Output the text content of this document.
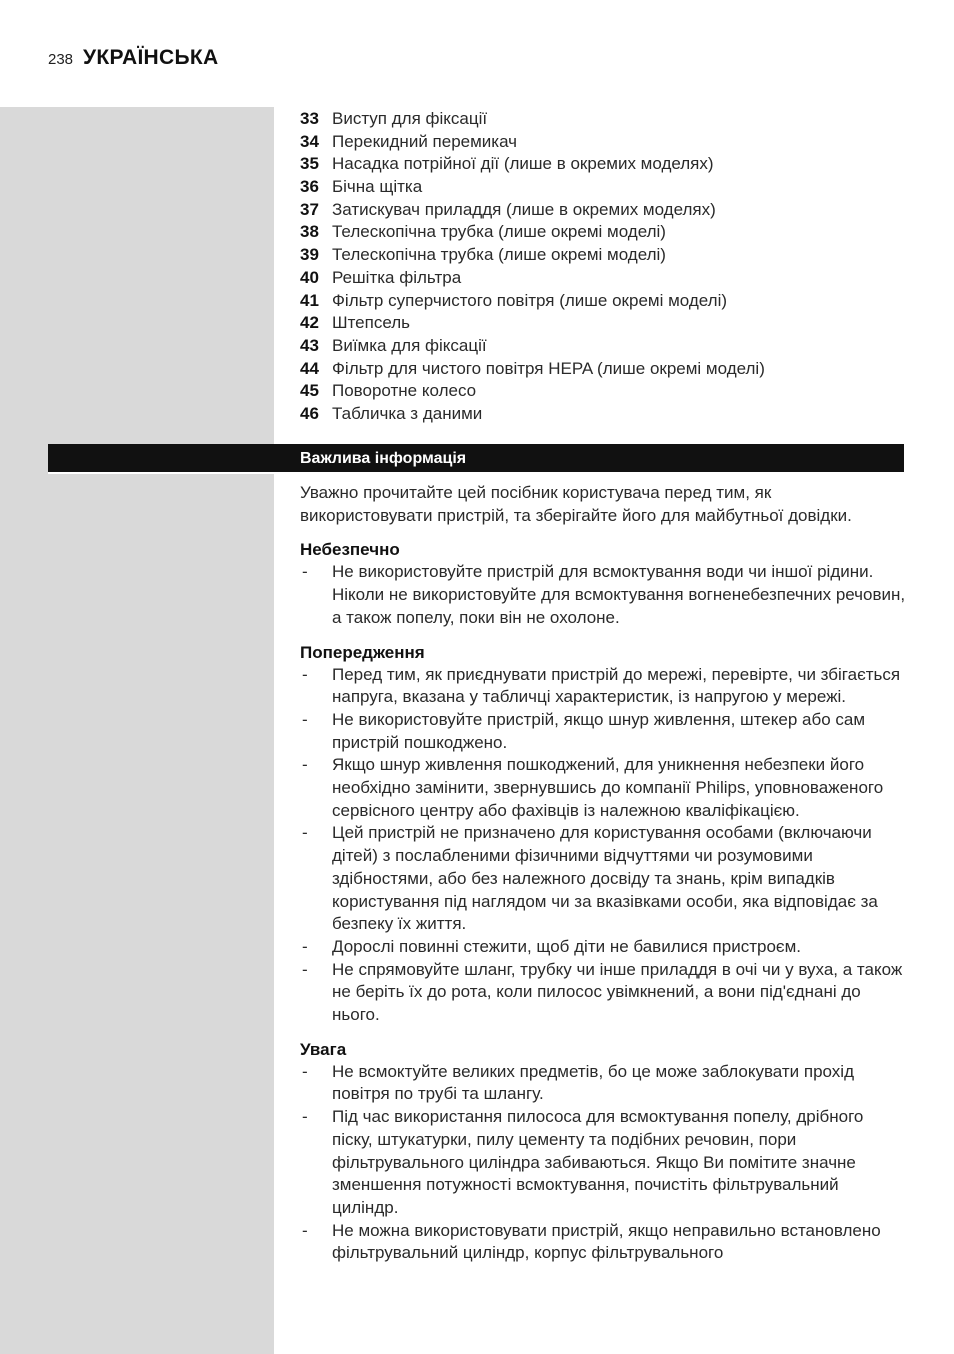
238 УКРАЇНСЬКА
33 Виступ для фіксації
34 Перекидний перемикач
35 Насадка потрійної дії (лише в окремих моделях)
36 Бічна щітка
37 Затискувач приладдя (лише в окремих моделях)
38 Телескопічна трубка (лише окремі моделі)
39 Телескопічна трубка (лише окремі моделі)
40 Решітка фільтра
41 Фільтр суперчистого повітря (лише окремі моделі)
42 Штепсель
43 Виїмка для фіксації
44 Фільтр для чистого повітря HEPA (лише окремі моделі)
45 Поворотне колесо
46 Табличка з даними
Важлива інформація

Уважно прочитайте цей посібник користувача перед тим, як використовувати пристрій, та зберігайте його для майбутньої довідки.

Небезпечно

- Не використовуйте пристрій для всмоктування води чи іншої рідини. Ніколи не використовуйте для всмоктування вогненебезпечних речовин, а також попелу, поки він не охолоне.

Попередження

- Перед тим, як приєднувати пристрій до мережі, перевірте, чи збігається напруга, вказана у табличці характеристик, із напругою у мережі.
- Не використовуйте пристрій, якщо шнур живлення, штекер або сам пристрій пошкоджено.
- Якщо шнур живлення пошкоджений, для уникнення небезпеки його необхідно замінити, звернувшись до компанії Philips, уповноваженого сервісного центру або фахівців із належною кваліфікацією.
- Цей пристрій не призначено для користування особами (включаючи дітей) з послабленими фізичними відчуттями чи розумовими здібностями, або без належного досвіду та знань, крім випадків користування під наглядом чи за вказівками особи, яка відповідає за безпеку їх життя.
- Дорослі повинні стежити, щоб діти не бавилися пристроєм.
- Не спрямовуйте шланг, трубку чи інше приладдя в очі чи у вуха, а також не беріть їх до рота, коли пилосос увімкнений, а вони під'єднані до нього.

Увага

- Не всмоктуйте великих предметів, бо це може заблокувати прохід повітря по трубі та шлангу.
- Під час використання пилососа для всмоктування попелу, дрібного піску, штукатурки, пилу цементу та подібних речовин, пори фільтрувального циліндра забиваються. Якщо Ви помітите значне зменшення потужності всмоктування, почистіть фільтрувальний циліндр.
- Не можна використовувати пристрій, якщо неправильно встановлено фільтрувальний циліндр, корпус фільтрувального
